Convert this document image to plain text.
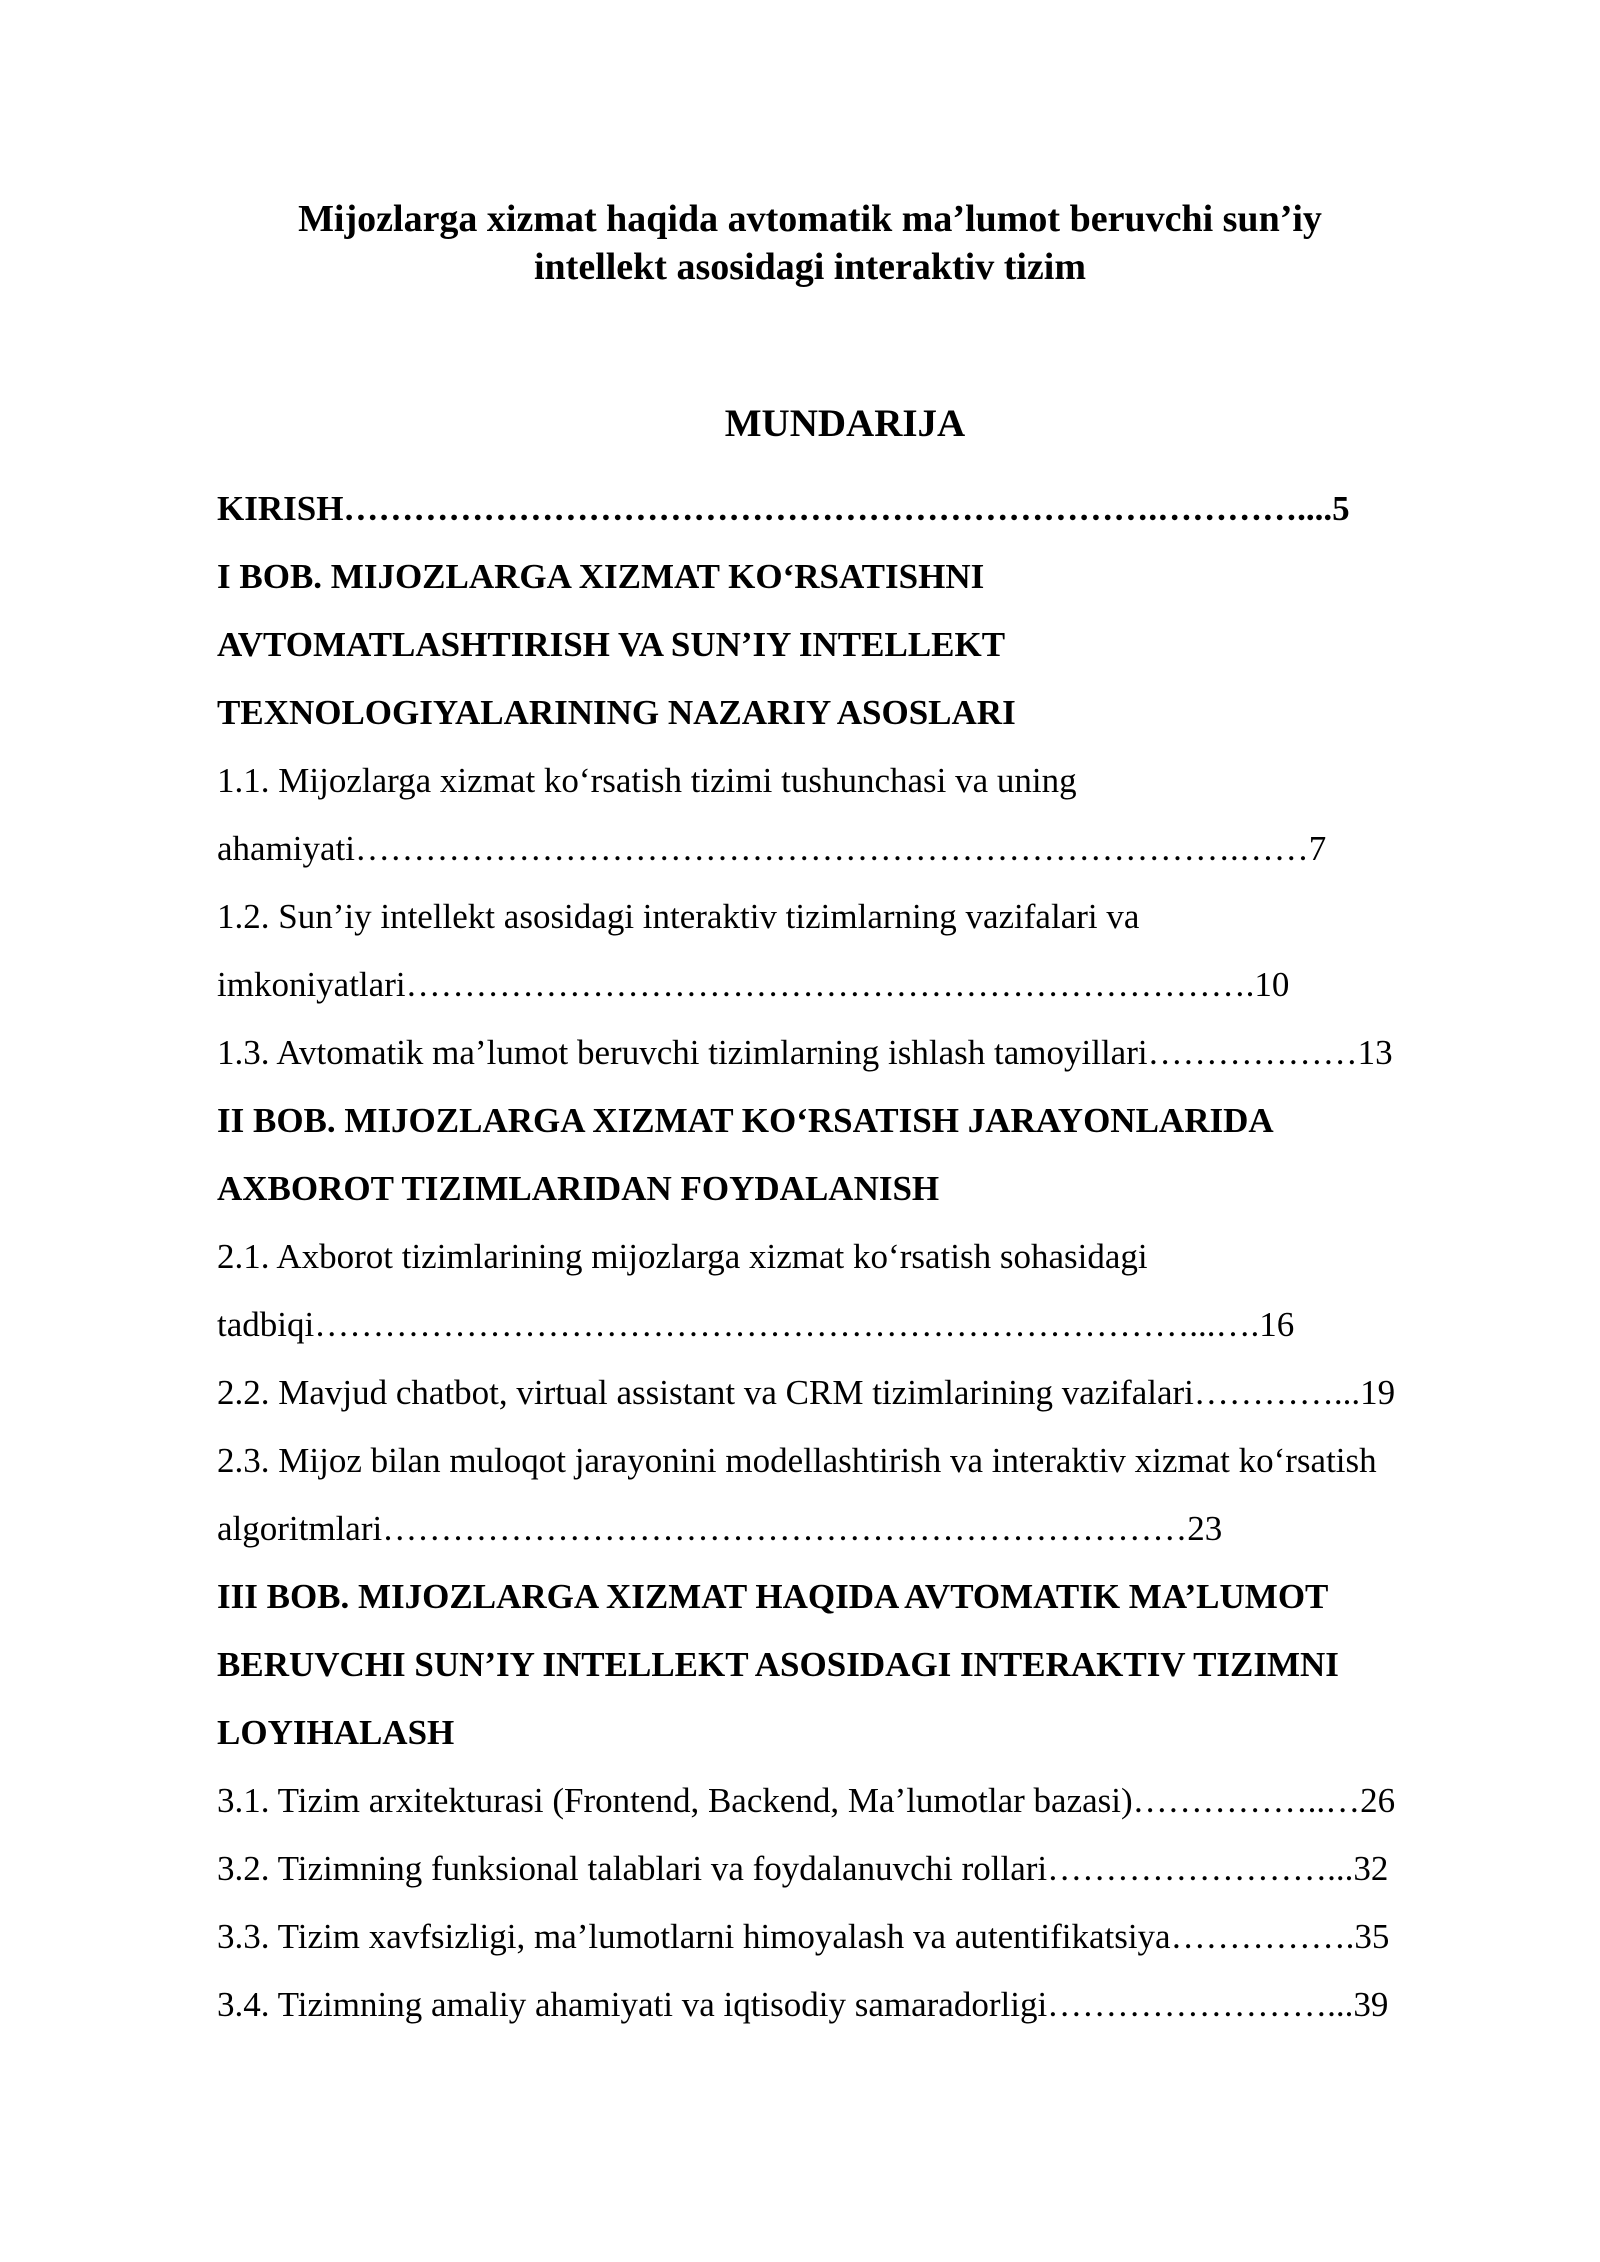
Mijozlarga xizmat haqida avtomatik ma’lumot beruvchi sun’iy
intellekt asosidagi interaktiv tizim
MUNDARIJA
KIRISH…………………………………………………………….…………....5
I BOB. MIJOZLARGA XIZMAT KO‘RSATISHNI
AVTOMATLASHTIRISH VA SUN’IY INTELLEKT
TEXNOLOGIYALARINING NAZARIY ASOSLARI
1.1. Mijozlarga xizmat ko‘rsatish tizimi tushunchasi va uning
ahamiyati………………………………………………………………….……7
1.2. Sun’iy intellekt asosidagi interaktiv tizimlarning vazifalari va
imkoniyatlari……………………………………………………………….10
1.3. Avtomatik ma’lumot beruvchi tizimlarning ishlash tamoyillari………………13
II BOB. MIJOZLARGA XIZMAT KO‘RSATISH JARAYONLARIDA
AXBOROT TIZIMLARIDAN FOYDALANISH
2.1. Axborot tizimlarining mijozlarga xizmat ko‘rsatish sohasidagi
tadbiqi…………………………………………………………………...….16
2.2. Mavjud chatbot, virtual assistant va CRM tizimlarining vazifalari…………...19
2.3. Mijoz bilan muloqot jarayonini modellashtirish va interaktiv xizmat ko‘rsatish
algoritmlari……………………………………………………………23
III BOB. MIJOZLARGA XIZMAT HAQIDA AVTOMATIK MA’LUMOT
BERUVCHI SUN’IY INTELLEKT ASOSIDAGI INTERAKTIV TIZIMNI
LOYIHALASH
3.1. Tizim arxitekturasi (Frontend, Backend, Ma’lumotlar bazasi)……………..…26
3.2. Tizimning funksional talablari va foydalanuvchi rollari……………………...32
3.3. Tizim xavfsizligi, ma’lumotlarni himoyalash va autentifikatsiya…………….35
3.4. Tizimning amaliy ahamiyati va iqtisodiy samaradorligi……………………...39
